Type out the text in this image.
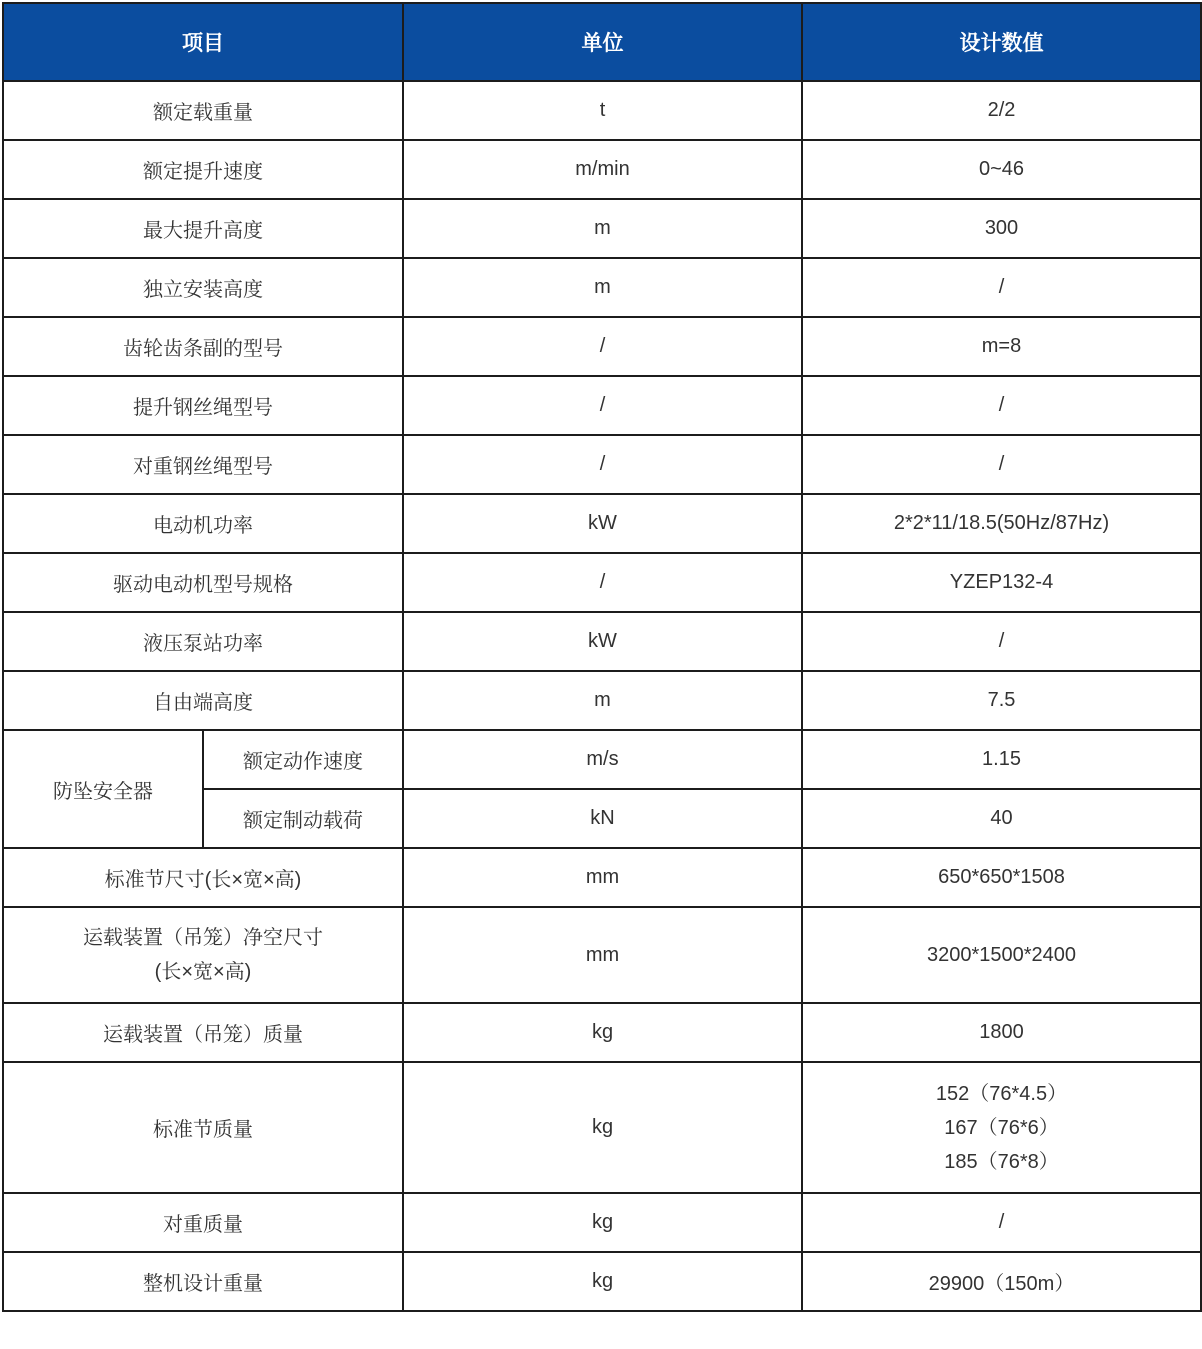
项目		单位	设计数值
额定载重量		t	2/2
额定提升速度		m/min	0~46
最大提升高度		m	300
独立安装高度		m	/
齿轮齿条副的型号		/	m=8
提升钢丝绳型号		/	/
对重钢丝绳型号		/	/
电动机功率		kW	2*2*11/18.5(50Hz/87Hz)
驱动电动机型号规格		/	YZEP132-4
液压泵站功率		kW	/
自由端高度		m	7.5
防坠安全器	额定动作速度	m/s	1.15
	额定制动载荷	kN	40
标准节尺寸(长×宽×高)		mm	650*650*1508

运载装置（吊笼）净空尺寸
(长×宽×高)		mm	3200*1500*2400
运载装置（吊笼）质量		kg	1800
标准节质量		kg	152（76*4.5）
167（76*6）
185（76*8）

对重质量		kg	/
整机设计重量		kg	29900（150m）
